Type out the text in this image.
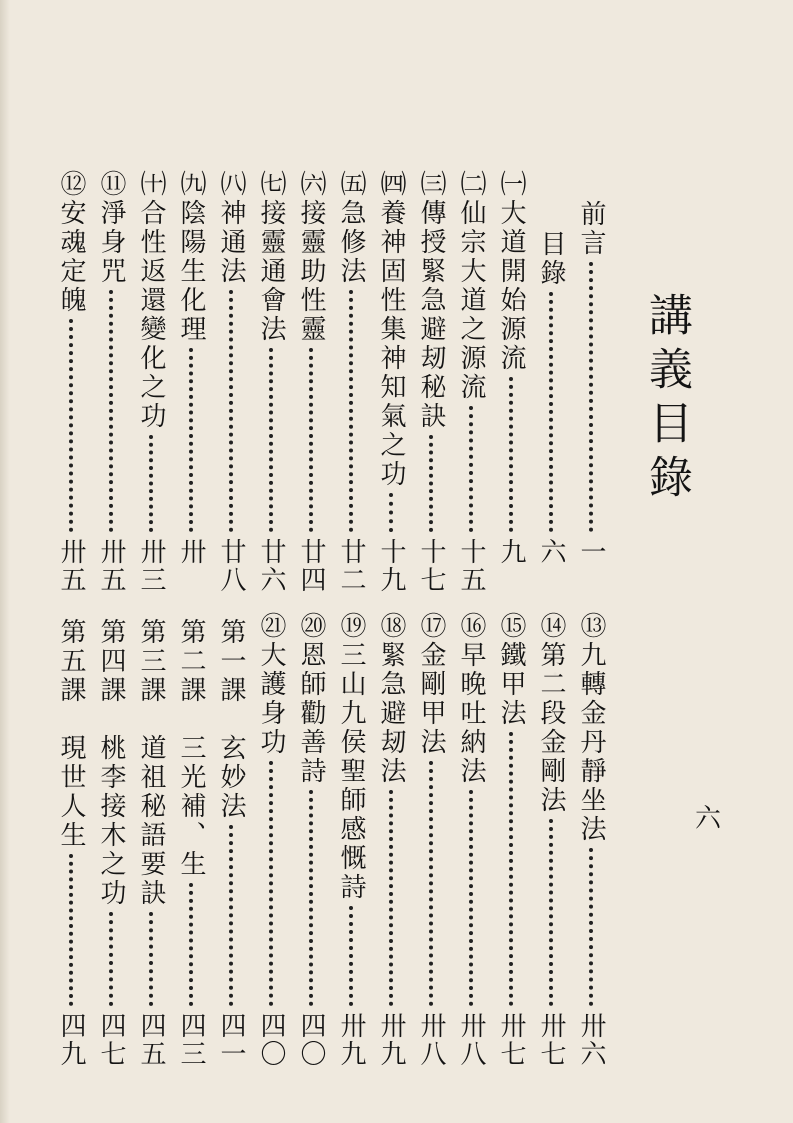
講義目錄
六
前言
一
目錄
六
㈠大道開始源流
九
㈡仙宗大道之源流
十五
㈢傳授緊急避刼秘訣
十七
㈣養神固性集神知氣之功
十九
㈤急修法
廿二
㈥接靈助性靈
廿四
㈦接靈通會法
廿六
㈧神通法
廿八
㈨陰陽生化理
卅
㈩合性返還變化之功
卅三
⑪淨身咒
卅五
⑫安魂定魄
卅五
⑬九轉金丹靜坐法
卅六
⑭第二段金剛法
卅七
⑮鐵甲法
卅七
⑯早晚吐納法
卅八
⑰金剛甲法
卅八
⑱緊急避刼法
卅九
⑲三山九侯聖師感慨詩
卅九
⑳恩師勸善詩
四〇
㉑大護身功
四〇
第一課　玄妙法
四一
第二課　三光補、生
四三
第三課　道祖秘語要訣
四五
第四課　桃李接木之功
四七
第五課　現世人生
四九
